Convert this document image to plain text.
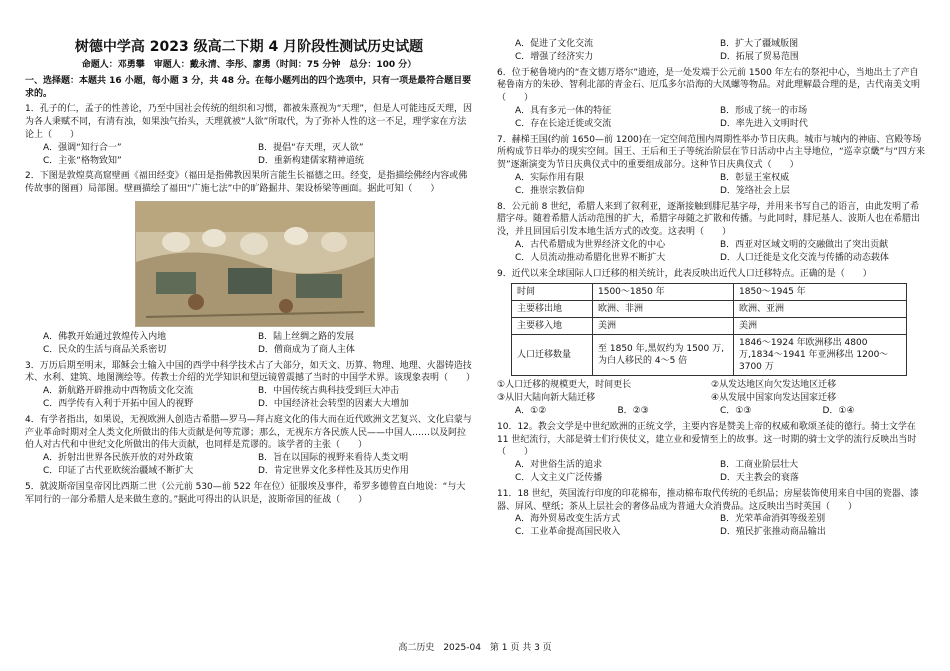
树德中学高 2023 级高二下期 4 月阶段性测试历史试题
命题人：邓勇攀　审题人：戴永清、李彤、廖勇（时间：75 分钟　总分：100 分）
一、选择题：本题共 16 小题，每小题 3 分，共 48 分。在每小题列出的四个选项中，只有一项是最符合题目要求的。
1．孔子的仁，孟子的性善论，乃至中国社会传统的组织和习惯，都被朱熹视为“天理”，但是人可能违反天理，因为各人秉赋不同，有清有浊，如果浊气抬头，天理就被“人欲”所取代，为了弥补人性的这一不足，理学家在方法论上（　　）
A．强调“知行合一”	B．提倡“存天理，灭人欲”
C．主张“格物致知”	D．重新构建儒家精神道统
2．下图是敦煌莫高窟壁画《福田经变》（福田是指佛教因果所言能生长福德之田。经变，是指描绘佛经内容或佛传故事的图画）局部图。壁画描绘了福田“广施七法”中的旷路掘井、架设桥梁等画面。据此可知（　　）
A．佛教开始通过敦煌传入内地	B．陆上丝绸之路的发展
C．民众的生活与商品关系密切	D．僧商成为了商人主体
3．万历后期至明末，耶稣会士输入中国的西学中科学技术占了大部分，如天文、历算、物理、地理、火器铸造技术、水利、建筑、地图测绘等。传教士介绍的光学知识和望远镜曾震撼了当时的中国学术界。该现象表明（　　）
A．新航路开辟推动中西物质文化交流	B．中国传统古典科技受到巨大冲击
C．西学传有入利于开拓中国人的视野	D．中国经济社会转型的因素大大增加
4．有学者指出，如果说，无视欧洲人创造古希腊—罗马—拜占庭文化的伟大而在近代欧洲文艺复兴、文化启蒙与产业革命时期对全人类文化所做出的伟大贡献是何等荒谬；那么，无视东方各民族人民——中国人……以及阿拉伯人对古代和中世纪文化所做出的伟大贡献，也同样是荒谬的。该学者的主张（　　）
A．折射出世界各民族开放的对外政策	B．旨在以国际的视野来看待人类文明
C．印证了古代亚欧统治疆域不断扩大	D．肯定世界文化多样性及其历史作用
5．就波斯帝国皇帝冈比西斯二世（公元前 530—前 522 年在位）征服埃及事件，希罗多德曾直白地说：“与大军同行的一部分希腊人是来做生意的。”据此可得出的认识是，波斯帝国的征战（　　）
A．促进了文化交流	B．扩大了疆域版图
C．增强了经济实力	D．拓展了贸易范围
6．位于秘鲁境内的“查文德万塔尔”遗迹，是一处发端于公元前 1500 年左右的祭祀中心，当地出土了产自秘鲁南方的朱砂、智利北部的青金石、厄瓜多尔沿海的大凤螺等物品。对此理解最合理的是，古代南美文明（　　）
A．具有多元一体的特征	B．形成了统一的市场
C．存在长途迁徙或交流	D．率先进入文明时代
7．赫梯王国(约前 1650—前 1200)在一定空间范围内周期性举办节日庆典。城市与城内的神庙、宫殿等场所构成节日举办的现实空间。国王、王后和王子等统治阶层在节日活动中占主导地位，“巡幸京畿”与“四方来贺”逐渐演变为节日庆典仪式中的重要组成部分。这种节日庆典仪式（　　）
A．实际作用有限	B．彰显王室权威
C．推崇宗教信仰	D．笼络社会上层
8．公元前 8 世纪，希腊人来到了叙利亚，逐渐接触到腓尼基字母，并用来书写自己的语言，由此发明了希腊字母。随着希腊人活动范围的扩大，希腊字母随之扩散和传播。与此同时，腓尼基人、波斯人也在希腊出没，并且回国后引发本地生活方式的改变。这表明（　　）
A．古代希腊成为世界经济文化的中心	B．西亚对区域文明的交融做出了突出贡献
C．人员流动推动希腊化世界不断扩大	D．人口迁徙是文化交流与传播的动态载体
9．近代以来全球国际人口迁移的相关统计，此表反映出近代人口迁移特点。正确的是（　　）
时间	1500～1850 年	1850～1945 年
主要移出地	欧洲、非洲	欧洲、亚洲
主要移入地	美洲	美洲
人口迁移数量	至 1850 年,黑奴约为 1500 万,为白人移民的 4～5 倍	1846～1924 年欧洲移出 4800 万,1834～1941 年亚洲移出 1200～3700 万
①人口迁移的规模更大，时间更长	②从发达地区向欠发达地区迁移
③从旧大陆向新大陆迁移	④从发展中国家向发达国家迁移
A．①②	B．②③	C．①③	D．①④
10．12。教会文学是中世纪欧洲的正统文学，主要内容是赞美上帝的权威和歌颂圣徒的德行。骑士文学在 11 世纪流行，大部是骑士们行侠仗义，建立业和爱情至上的故事。这一时期的骑士文学的流行反映出当时（　　）
A．对世俗生活的追求	B．工商业阶层壮大
C．人文主义广泛传播	D．天主教会的衰落
11．18 世纪，英国流行印度的印花棉布，推动棉布取代传统的毛织品；房屋装饰使用来自中国的瓷器、漆器、屏风、壁纸；茶从上层社会的奢侈品成为普通大众消费品。这反映出当时英国（　　）
A．海外贸易改变生活方式	B．光荣革命消弭等级差别
C．工业革命提高国民收入	D．殖民扩张推动商品输出
高二历史　2025-04　第 1 页 共 3 页
